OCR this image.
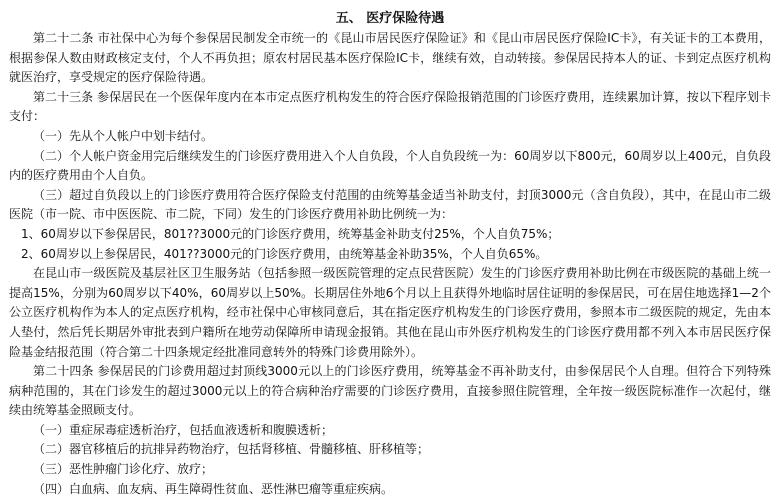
五、 医疗保险待遇

第二十二条 市社保中心为每个参保居民制发全市统一的《昆山市居民医疗保险证》和《昆山市居民医疗保险IC卡》，有关证卡的工本费用，根据参保人数由财政核定支付，个人不再负担；原农村居民基本医疗保险IC卡，继续有效，自动转接。参保居民持本人的证、卡到定点医疗机构就医治疗，享受规定的医疗保险待遇。

第二十三条 参保居民在一个医保年度内在本市定点医疗机构发生的符合医疗保险报销范围的门诊医疗费用，连续累加计算，按以下程序划卡支付：

（一）先从个人帐户中划卡结付。

（二）个人帐户资金用完后继续发生的门诊医疗费用进入个人自负段，个人自负段统一为：60周岁以下800元，60周岁以上400元，自负段内的医疗费用由个人自负。

（三）超过自负段以上的门诊医疗费用符合医疗保险支付范围的由统筹基金适当补助支付，封顶3000元（含自负段），其中，在昆山市二级医院（市一院、市中医医院、市二院，下同）发生的门诊医疗费用补助比例统一为：

1、60周岁以下参保居民，801??3000元的门诊医疗费用，统筹基金补助支付25%，个人自负75%；

2、60周岁以上参保居民，401??3000元的门诊医疗费用，由统筹基金补助35%，个人自负65%。

在昆山市一级医院及基层社区卫生服务站（包括参照一级医院管理的定点民营医院）发生的门诊医疗费用补助比例在市级医院的基础上统一提高15%，分别为60周岁以下40%，60周岁以上50%。长期居住外地6个月以上且获得外地临时居住证明的参保居民，可在居住地选择1—2个公立医疗机构作为本人的定点医疗机构，经市社保中心审核同意后，其在指定医疗机构发生的门诊医疗费用，参照本市二级医院的规定，先由本人垫付，然后凭长期居外审批表到户籍所在地劳动保障所申请现金报销。其他在昆山市外医疗机构发生的门诊医疗费用都不列入本市居民医疗保险基金结报范围（符合第二十四条规定经批准同意转外的特殊门诊费用除外）。

第二十四条 参保居民的门诊费用超过封顶线3000元以上的门诊医疗费用，统筹基金不再补助支付，由参保居民个人自理。但符合下列特殊病种范围的，其在门诊发生的超过3000元以上的符合病种治疗需要的门诊医疗费用，直接参照住院管理，全年按一级医院标准作一次起付，继续由统筹基金照顾支付。

（一）重症尿毒症透析治疗，包括血液透析和腹膜透析；

（二）器官移植后的抗排异药物治疗，包括肾移植、骨髓移植、肝移植等；

（三）恶性肿瘤门诊化疗、放疗；

（四）白血病、血友病、再生障碍性贫血、恶性淋巴瘤等重症疾病。
